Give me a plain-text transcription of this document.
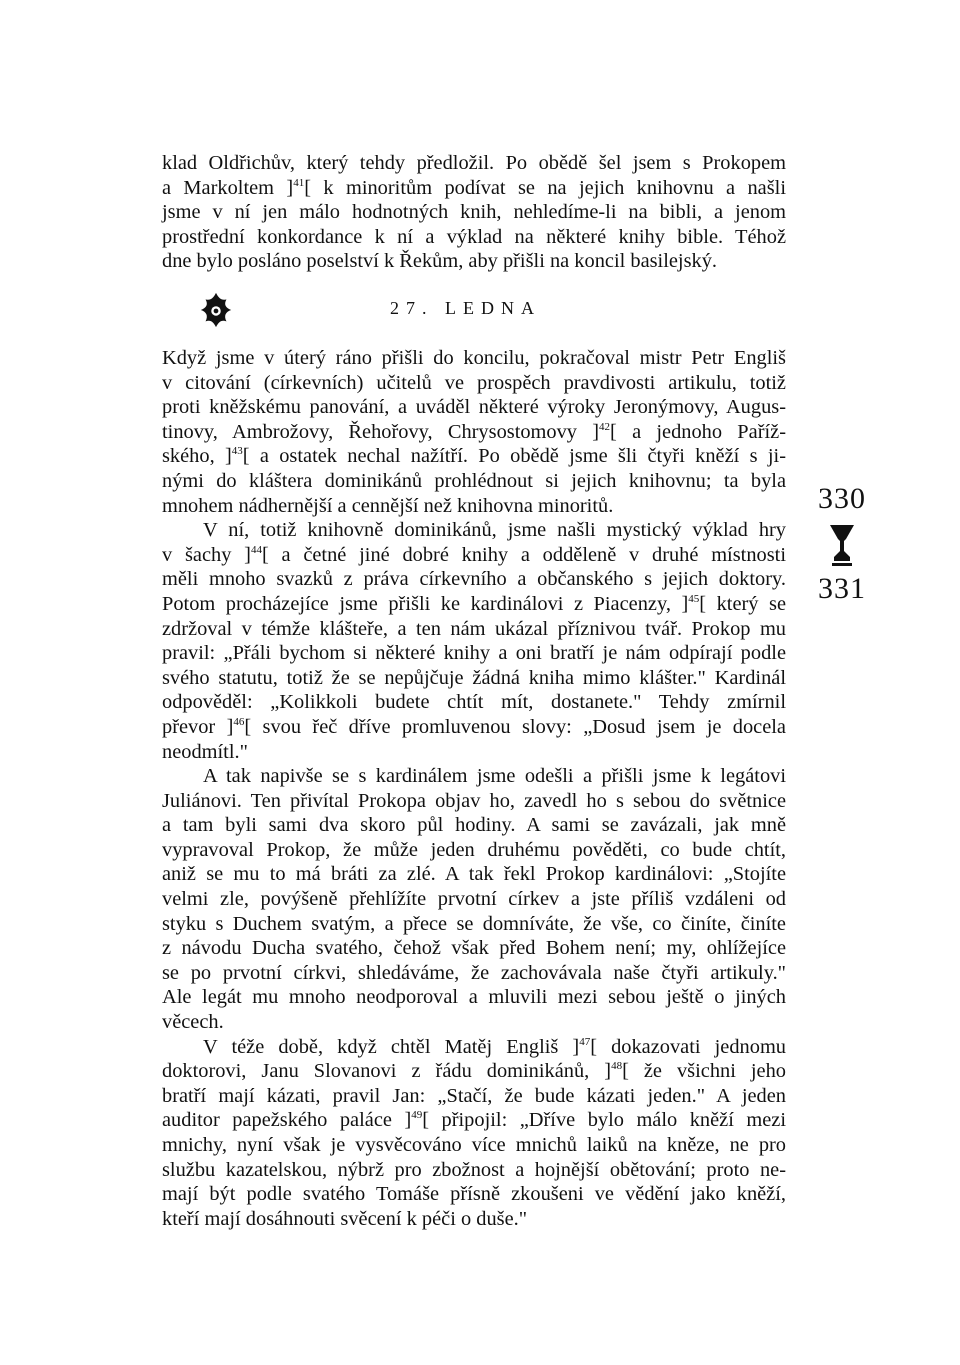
klad Oldřichův, který tehdy předložil. Po obědě šel jsem s Prokopem
a Markoltem ]$^{41}$[ k minoritům podívat se na jejich knihovnu a našli
jsme v ní jen málo hodnotných knih, nehledíme-li na bibli, a jenom
prostřední konkordance k ní a výklad na některé knihy bible. Téhož
dne bylo posláno poselství k Řekům, aby přišli na koncil basilejský.
27. LEDNA
Když jsme v úterý ráno přišli do koncilu, pokračoval mistr Petr Engliš
v citování (církevních) učitelů ve prospěch pravdivosti artikulu, totiž
proti kněžskému panování, a uváděl některé výroky Jeronýmovy, Augus-
tinovy, Ambrožovy, Řehořovy, Chrysostomovy ]$^{42}$[ a jednoho Paříž-
ského, ]$^{43}$[ a ostatek nechal nažítří. Po obědě jsme šli čtyři kněží s ji-
nými do kláštera dominikánů prohlédnout si jejich knihovnu; ta byla
mnohem nádhernější a cennější než knihovna minoritů.
V ní, totiž knihovně dominikánů, jsme našli mystický výklad hry
v šachy ]$^{44}$[ a četné jiné dobré knihy a odděleně v druhé místnosti
měli mnoho svazků z práva církevního a občanského s jejich doktory.
Potom procházejíce jsme přišli ke kardinálovi z Piacenzy, ]$^{45}$[ který se
zdržoval v témže klášteře, a ten nám ukázal příznivou tvář. Prokop mu
pravil: „Přáli bychom si některé knihy a oni bratří je nám odpírají podle
svého statutu, totiž že se nepůjčuje žádná kniha mimo klášter." Kardinál
odpověděl: „Kolikkoli budete chtít mít, dostanete." Tehdy zmírnil
převor ]$^{46}$[ svou řeč dříve promluvenou slovy: „Dosud jsem je docela
neodmítl."
A tak napivše se s kardinálem jsme odešli a přišli jsme k legátovi
Juliánovi. Ten přivítal Prokopa objav ho, zavedl ho s sebou do světnice
a tam byli sami dva skoro půl hodiny. A sami se zavázali, jak mně
vypravoval Prokop, že může jeden druhému pověděti, co bude chtít,
aniž se mu to má bráti za zlé. A tak řekl Prokop kardinálovi: „Stojíte
velmi zle, povýšeně přehlížíte prvotní církev a jste příliš vzdáleni od
styku s Duchem svatým, a přece se domníváte, že vše, co činíte, činíte
z návodu Ducha svatého, čehož však před Bohem není; my, ohlížejíce
se po prvotní církvi, shledáváme, že zachovávala naše čtyři artikuly."
Ale legát mu mnoho neodporoval a mluvili mezi sebou ještě o jiných
věcech.
V téže době, když chtěl Matěj Engliš ]$^{47}$[ dokazovati jednomu
doktorovi, Janu Slovanovi z řádu dominikánů, ]$^{48}$[ že všichni jeho
bratří mají kázati, pravil Jan: „Stačí, že bude kázati jeden." A jeden
auditor papežského paláce ]$^{49}$[ připojil: „Dříve bylo málo kněží mezi
mnichy, nyní však je vysvěcováno více mnichů laiků na kněze, ne pro
službu kazatelskou, nýbrž pro zbožnost a hojnější obětování; proto ne-
mají být podle svatého Tomáše přísně zkoušeni ve vědění jako kněží,
kteří mají dosáhnouti svěcení k péči o duše."
330
331
